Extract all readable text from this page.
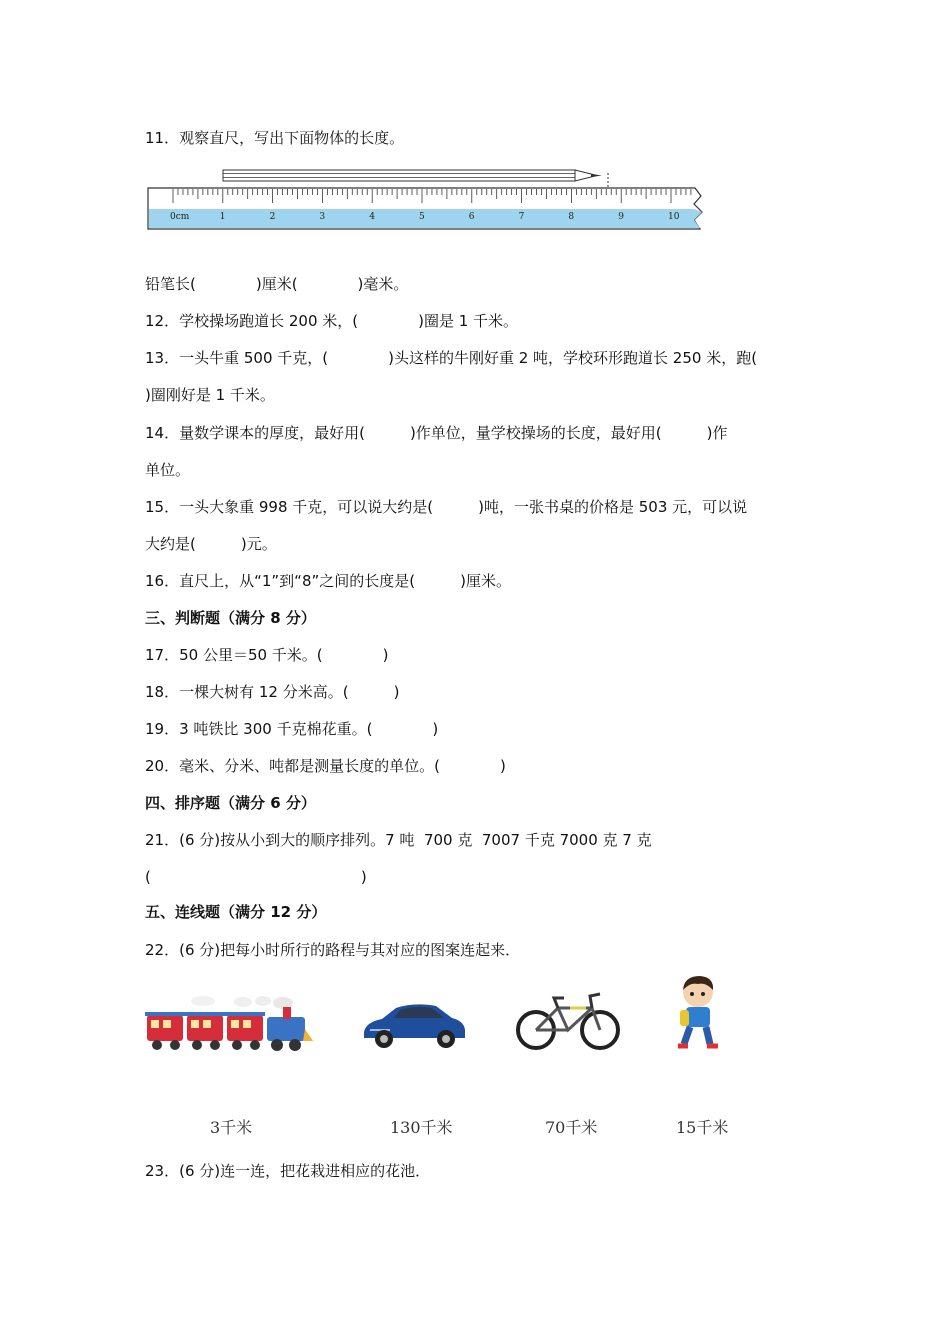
11．观察直尺，写出下面物体的长度。
0cm	1	2	3	4	5	6	7	8	9	10
铅笔长(　　　　)厘米(　　　　)毫米。
12．学校操场跑道长 200 米，(　　　　)圈是 1 千米。
13．一头牛重 500 千克，(　　　　)头这样的牛刚好重 2 吨，学校环形跑道长 250 米，跑(
)圈刚好是 1 千米。
14．量数学课本的厚度，最好用(　　　)作单位，量学校操场的长度，最好用(　　　)作
单位。
15．一头大象重 998 千克，可以说大约是(　　　)吨，一张书桌的价格是 503 元，可以说
大约是(　　　)元。
16．直尺上，从“1”到“8”之间的长度是(　　　)厘米。
三、判断题（满分 8 分）
17．50 公里＝50 千米。(　　　　)
18．一棵大树有 12 分米高。(　　　)
19．3 吨铁比 300 千克棉花重。(　　　　)
20．毫米、分米、吨都是测量长度的单位。(　　　　)
四、排序题（满分 6 分）
21．(6 分)按从小到大的顺序排列。7 吨  700 克  7007 千克 7000 克 7 克
(　　　　　　　　　　　　　　)
五、连线题（满分 12 分）
22．(6 分)把每小时所行的路程与其对应的图案连起来．
3千米	130千米	70千米	15千米
23．(6 分)连一连，把花栽进相应的花池．
